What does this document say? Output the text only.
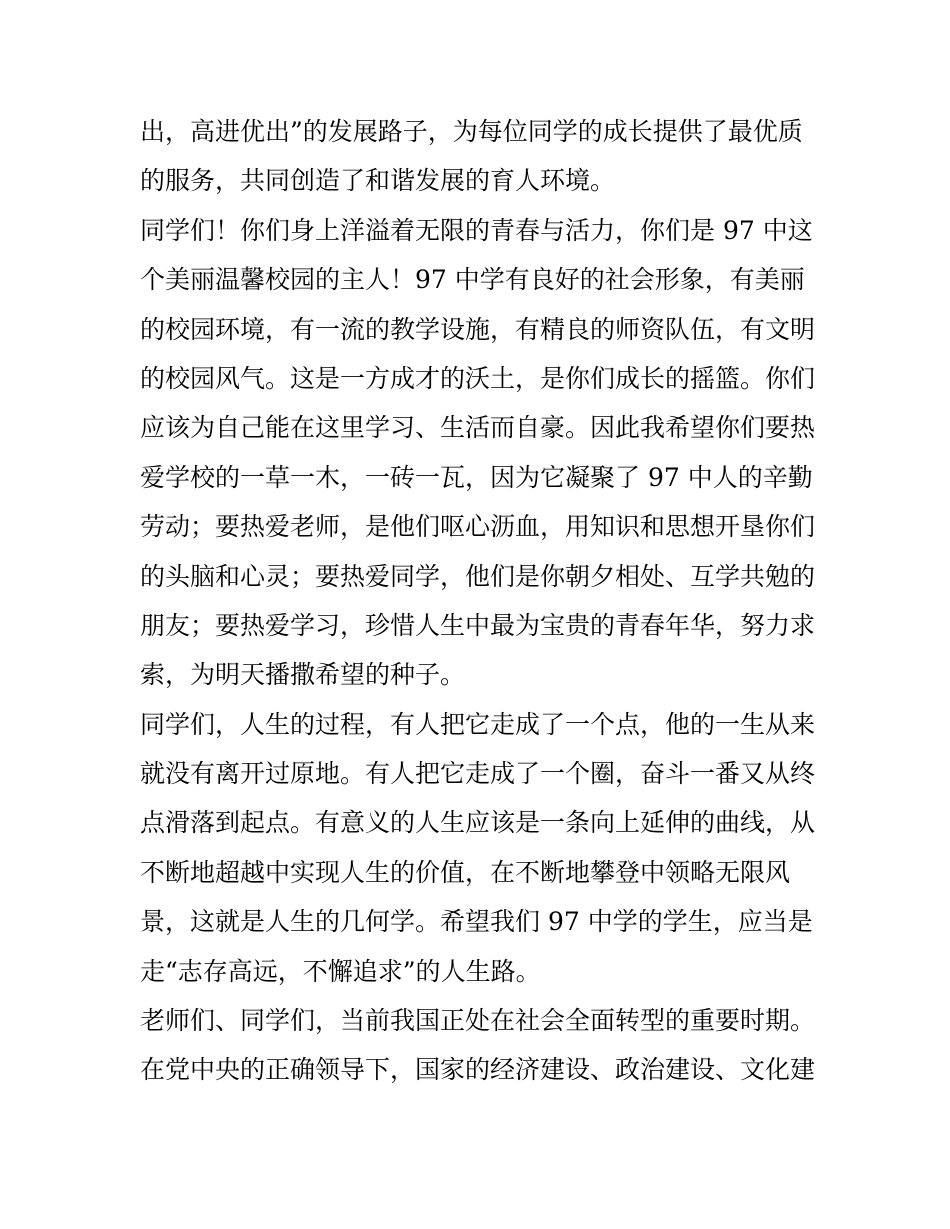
出，高进优出”的发展路子，为每位同学的成长提供了最优质
的服务，共同创造了和谐发展的育人环境。
同学们！你们身上洋溢着无限的青春与活力，你们是 97 中这
个美丽温馨校园的主人！97 中学有良好的社会形象，有美丽
的校园环境，有一流的教学设施，有精良的师资队伍，有文明
的校园风气。这是一方成才的沃土，是你们成长的摇篮。你们
应该为自己能在这里学习、生活而自豪。因此我希望你们要热
爱学校的一草一木，一砖一瓦，因为它凝聚了 97 中人的辛勤
劳动；要热爱老师，是他们呕心沥血，用知识和思想开垦你们
的头脑和心灵；要热爱同学，他们是你朝夕相处、互学共勉的
朋友；要热爱学习，珍惜人生中最为宝贵的青春年华，努力求
索，为明天播撒希望的种子。
同学们，人生的过程，有人把它走成了一个点，他的一生从来
就没有离开过原地。有人把它走成了一个圈，奋斗一番又从终
点滑落到起点。有意义的人生应该是一条向上延伸的曲线，从
不断地超越中实现人生的价值，在不断地攀登中领略无限风
景，这就是人生的几何学。希望我们 97 中学的学生，应当是
走“志存高远，不懈追求”的人生路。
老师们、同学们，当前我国正处在社会全面转型的重要时期。
在党中央的正确领导下，国家的经济建设、政治建设、文化建
